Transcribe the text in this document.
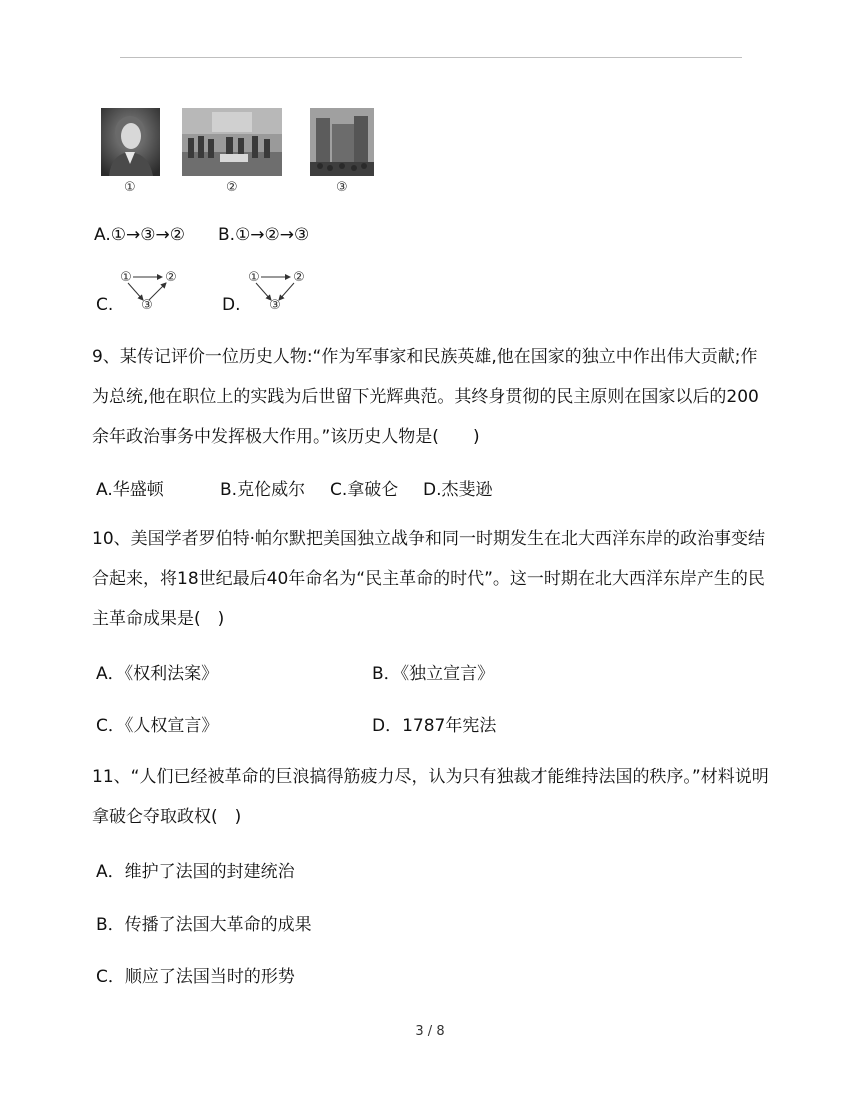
①	②	③
A.①→③→② B.①→②→③
C.	D.
①	②
③
①	②
③
9、某传记评价一位历史人物:“作为军事家和民族英雄,他在国家的独立中作出伟大贡献;作为总统,他在职位上的实践为后世留下光辉典范。其终身贯彻的民主原则在国家以后的200余年政治事务中发挥极大作用。”该历史人物是(　　)
A.华盛顿	B.克伦威尔 C.拿破仑 D.杰斐逊
10、美国学者罗伯特·帕尔默把美国独立战争和同一时期发生在北大西洋东岸的政治事变结合起来，将18世纪最后40年命名为“民主革命的时代”。这一时期在北大西洋东岸产生的民主革命成果是(　)
A．《权利法案》	B．《独立宣言》
C．《人权宣言》	D．1787年宪法
11、“人们已经被革命的巨浪搞得筋疲力尽，认为只有独裁才能维持法国的秩序。”材料说明拿破仑夺取政权(　)
A．维护了法国的封建统治
B．传播了法国大革命的成果
C．顺应了法国当时的形势
3 / 8
